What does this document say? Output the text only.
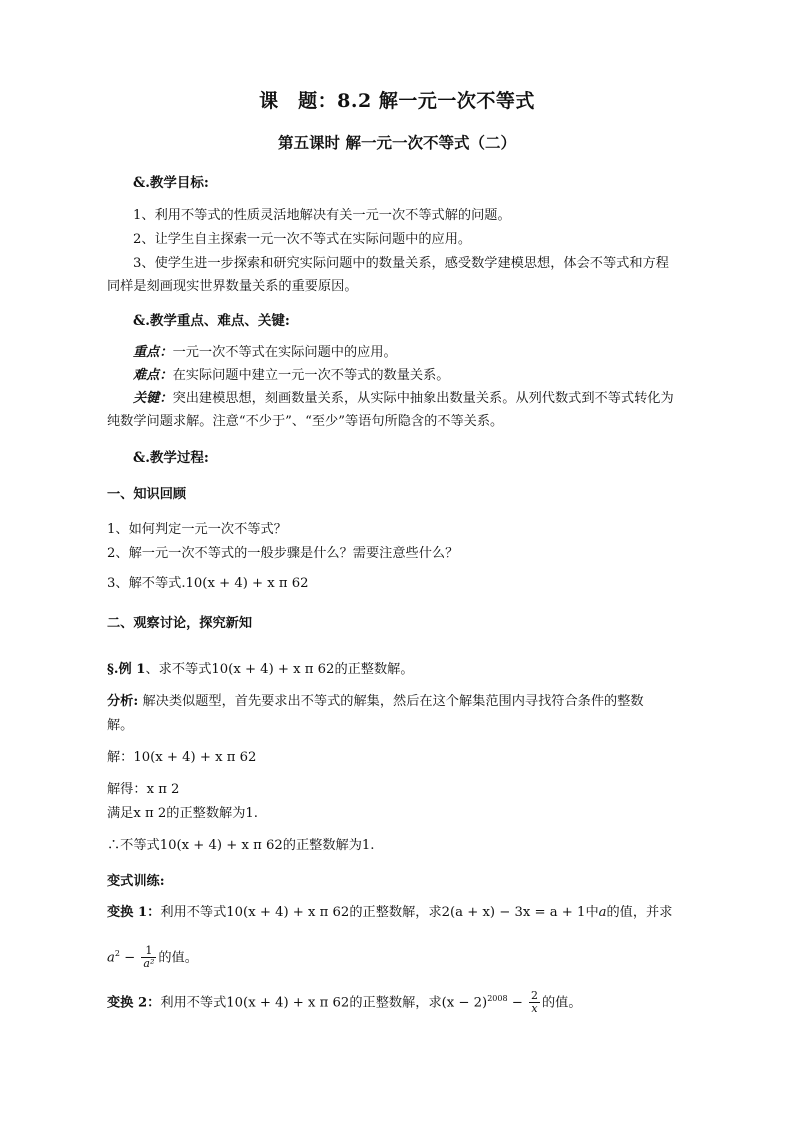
课　题：8.2 解一元一次不等式
第五课时 解一元一次不等式（二）
&.教学目标:
1、利用不等式的性质灵活地解决有关一元一次不等式解的问题。
2、让学生自主探索一元一次不等式在实际问题中的应用。
3、使学生进一步探索和研究实际问题中的数量关系，感受数学建模思想，体会不等式和方程
同样是刻画现实世界数量关系的重要原因。
&.教学重点、难点、关键:
重点：一元一次不等式在实际问题中的应用。
难点：在实际问题中建立一元一次不等式的数量关系。
关键：突出建模思想，刻画数量关系，从实际中抽象出数量关系。从列代数式到不等式转化为
纯数学问题求解。注意“不少于”、“至少”等语句所隐含的不等关系。
&.教学过程:
一、知识回顾
1、如何判定一元一次不等式？
2、解一元一次不等式的一般步骤是什么？需要注意些什么？
3、解不等式.10(x + 4) + x π 62
二、观察讨论，探究新知
§.例 1、求不等式10(x + 4) + x π 62的正整数解。
分析: 解决类似题型，首先要求出不等式的解集，然后在这个解集范围内寻找符合条件的整数
解。
解：10(x + 4) + x π 62
解得：x π 2
满足x π 2的正整数解为1.
∴不等式10(x + 4) + x π 62的正整数解为1.
变式训练:
变换 1：利用不等式10(x + 4) + x π 62的正整数解，求2(a + x) − 3x = a + 1中a的值，并求
$a^2 - \frac{1}{\text{a²}}$ 的值。
变换 2：利用不等式10(x + 4) + x π 62的正整数解，求$(x - 2)^{2008} - \frac{2}{x}$ 的值。
